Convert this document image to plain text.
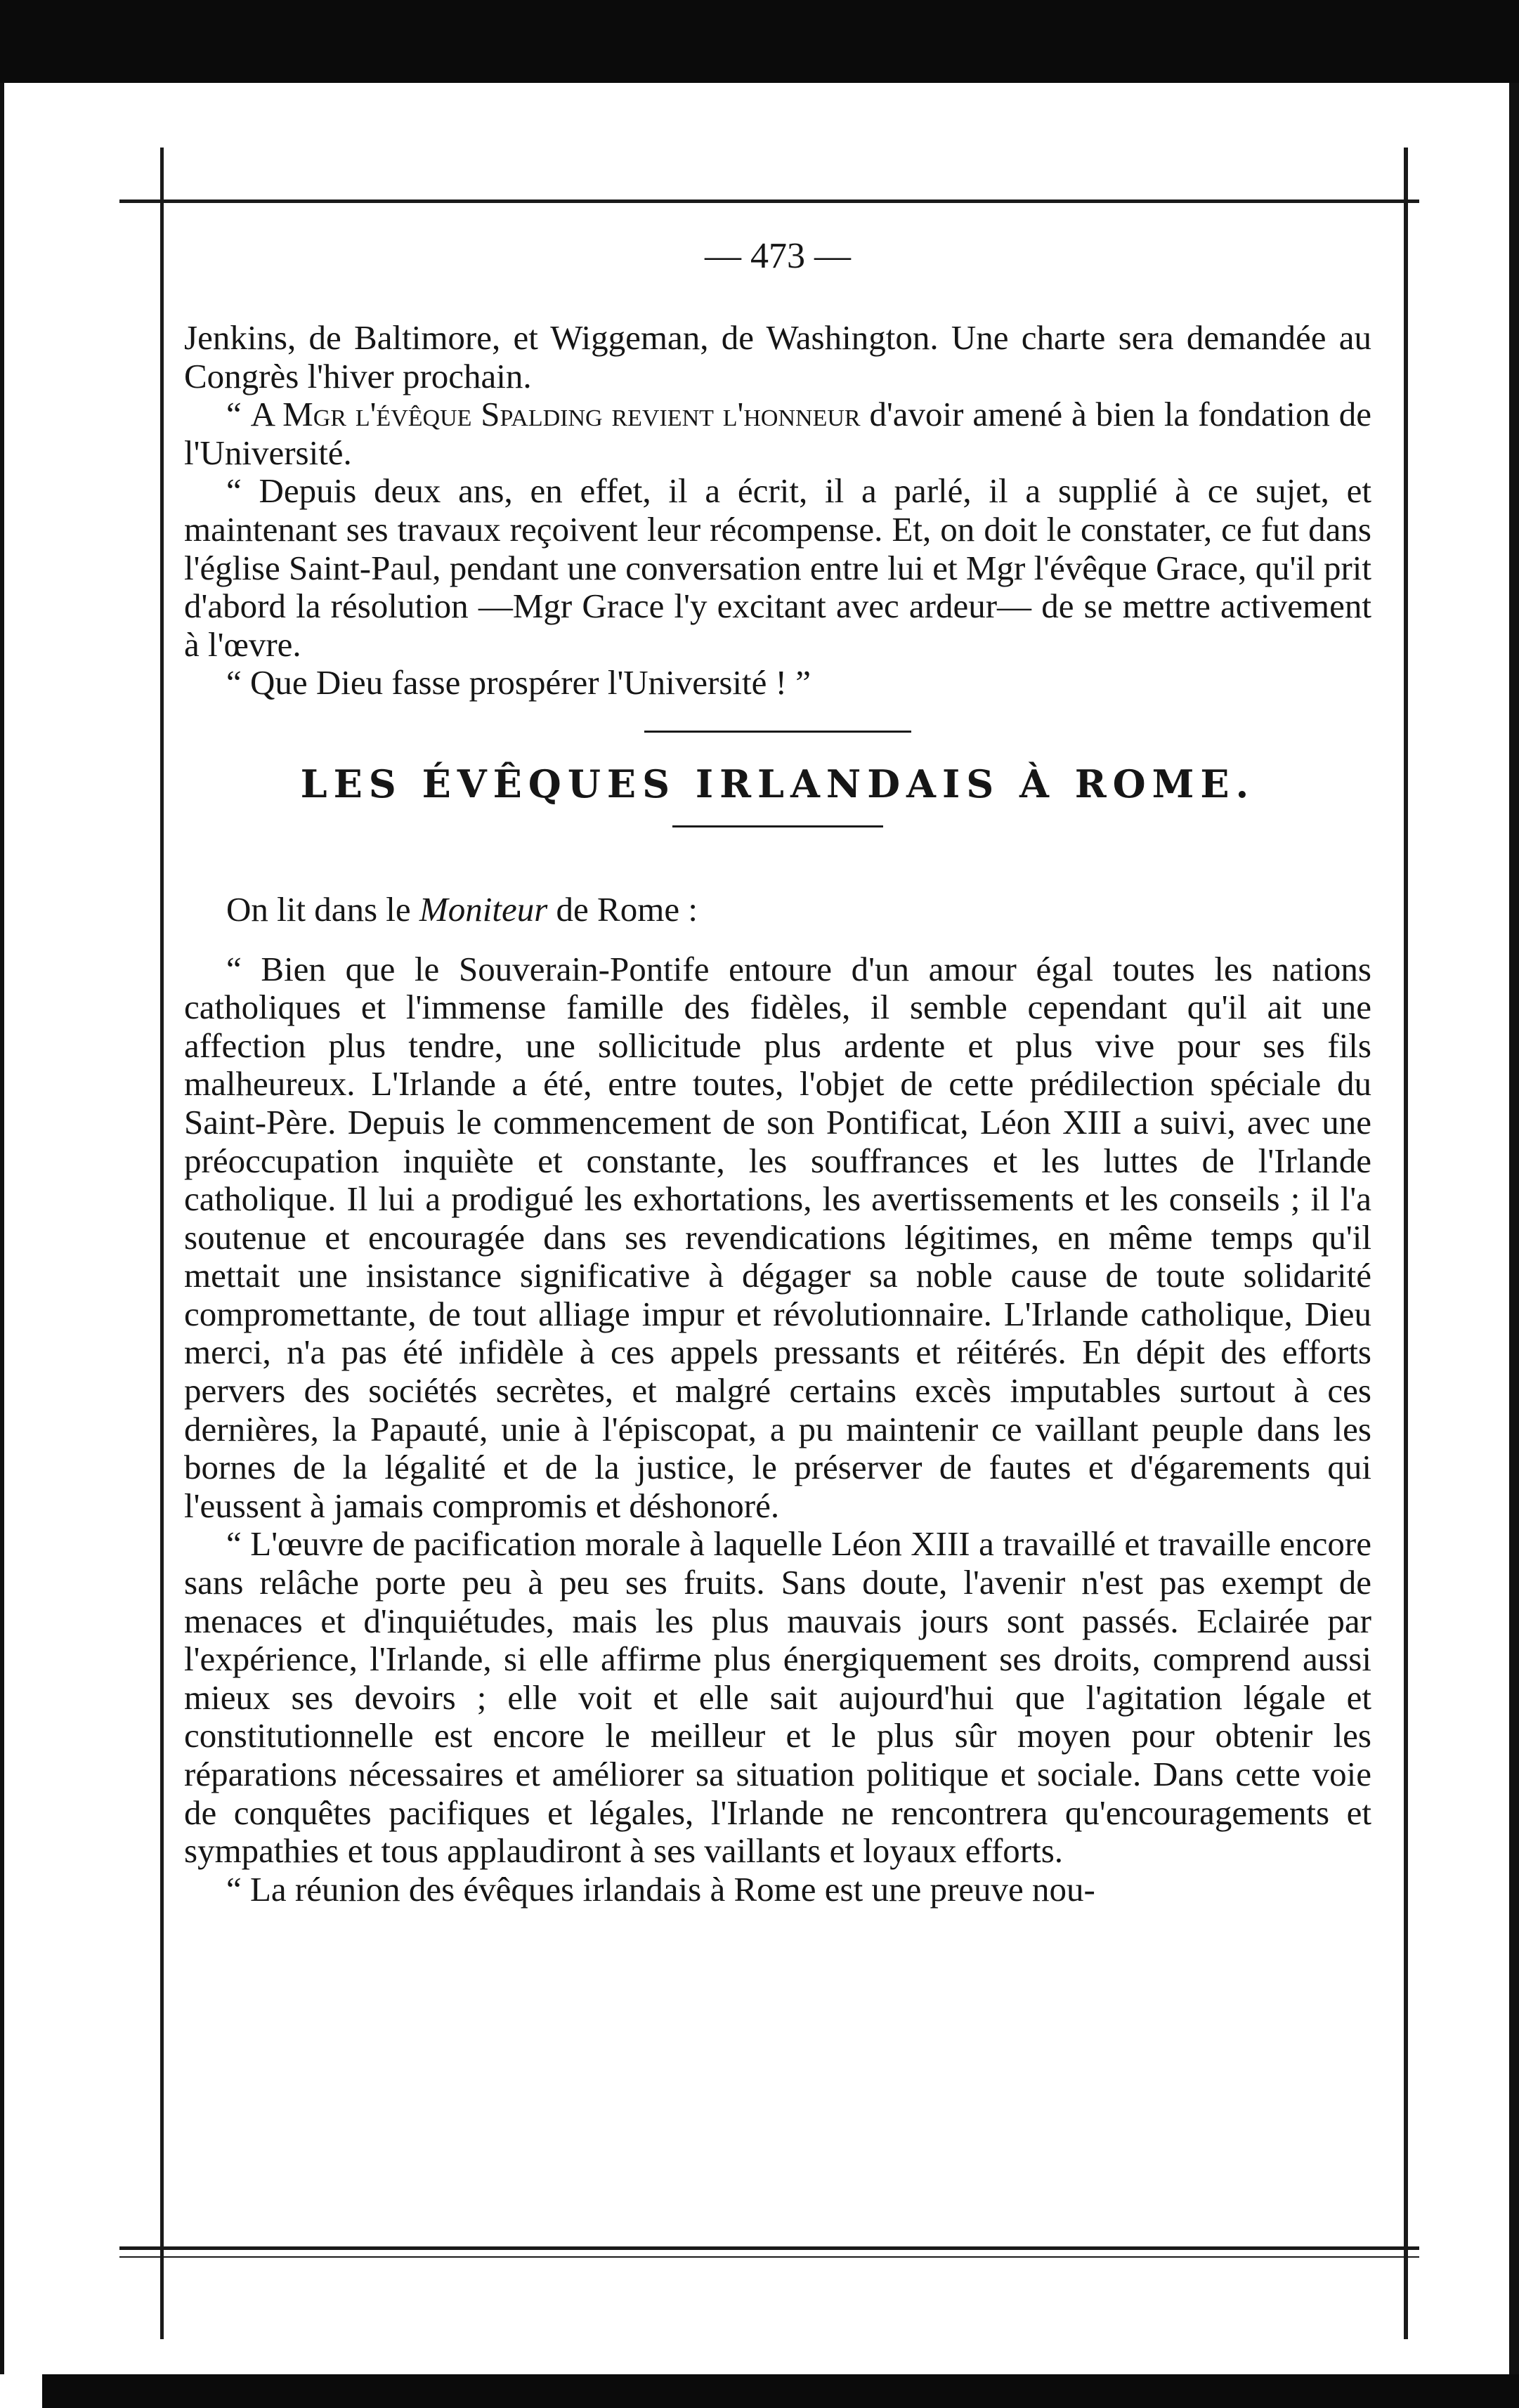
— 473 —

Jenkins, de Baltimore, et Wiggeman, de Washington. Une charte sera demandée au Congrès l'hiver prochain.

“ A Mgr l'évêque Spalding revient l'honneur d'avoir amené à bien la fondation de l'Université.

“ Depuis deux ans, en effet, il a écrit, il a parlé, il a supplié à ce sujet, et maintenant ses travaux reçoivent leur récompense. Et, on doit le constater, ce fut dans l'église Saint-Paul, pendant une conversation entre lui et Mgr l'évêque Grace, qu'il prit d'abord la résolution —Mgr Grace l'y excitant avec ardeur— de se mettre activement à l'œvre.

“ Que Dieu fasse prospérer l'Université ! ”

LES ÉVÊQUES IRLANDAIS À ROME.

On lit dans le Moniteur de Rome :

“ Bien que le Souverain-Pontife entoure d'un amour égal toutes les nations catholiques et l'immense famille des fidèles, il semble cependant qu'il ait une affection plus tendre, une sollicitude plus ardente et plus vive pour ses fils malheureux. L'Irlande a été, entre toutes, l'objet de cette prédilection spéciale du Saint-Père. Depuis le commencement de son Pontificat, Léon XIII a suivi, avec une préoccupation inquiète et constante, les souffrances et les luttes de l'Irlande catholique. Il lui a prodigué les exhortations, les avertissements et les conseils ; il l'a soutenue et encouragée dans ses revendications légitimes, en même temps qu'il mettait une insistance significative à dégager sa noble cause de toute solidarité compromettante, de tout alliage impur et révolutionnaire. L'Irlande catholique, Dieu merci, n'a pas été infidèle à ces appels pressants et réitérés. En dépit des efforts pervers des sociétés secrètes, et malgré certains excès imputables surtout à ces dernières, la Papauté, unie à l'épiscopat, a pu maintenir ce vaillant peuple dans les bornes de la légalité et de la justice, le préserver de fautes et d'égarements qui l'eussent à jamais compromis et déshonoré.

“ L'œuvre de pacification morale à laquelle Léon XIII a travaillé et travaille encore sans relâche porte peu à peu ses fruits. Sans doute, l'avenir n'est pas exempt de menaces et d'inquiétudes, mais les plus mauvais jours sont passés. Eclairée par l'expérience, l'Irlande, si elle affirme plus énergiquement ses droits, comprend aussi mieux ses devoirs ; elle voit et elle sait aujourd'hui que l'agitation légale et constitutionnelle est encore le meilleur et le plus sûr moyen pour obtenir les réparations nécessaires et améliorer sa situation politique et sociale. Dans cette voie de conquêtes pacifiques et légales, l'Irlande ne rencontrera qu'encouragements et sympathies et tous applaudiront à ses vaillants et loyaux efforts.

“ La réunion des évêques irlandais à Rome est une preuve nou-
